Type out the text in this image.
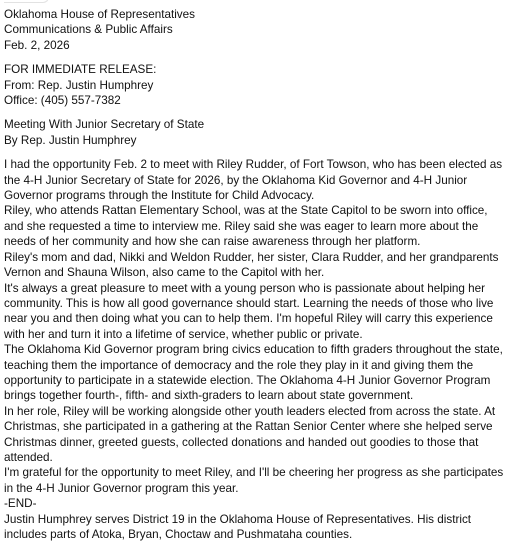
Oklahoma House of Representatives
Communications & Public Affairs
Feb. 2, 2026
FOR IMMEDIATE RELEASE:
From: Rep. Justin Humphrey
Office: (405) 557-7382
Meeting With Junior Secretary of State
By Rep. Justin Humphrey
I had the opportunity Feb. 2 to meet with Riley Rudder, of Fort Towson, who has been elected as the 4-H Junior Secretary of State for 2026, by the Oklahoma Kid Governor and 4-H Junior Governor programs through the Institute for Child Advocacy.
Riley, who attends Rattan Elementary School, was at the State Capitol to be sworn into office, and she requested a time to interview me. Riley said she was eager to learn more about the needs of her community and how she can raise awareness through her platform.
Riley's mom and dad, Nikki and Weldon Rudder, her sister, Clara Rudder, and her grandparents Vernon and Shauna Wilson, also came to the Capitol with her.
It's always a great pleasure to meet with a young person who is passionate about helping her community. This is how all good governance should start. Learning the needs of those who live near you and then doing what you can to help them. I'm hopeful Riley will carry this experience with her and turn it into a lifetime of service, whether public or private.
The Oklahoma Kid Governor program bring civics education to fifth graders throughout the state, teaching them the importance of democracy and the role they play in it and giving them the opportunity to participate in a statewide election. The Oklahoma 4-H Junior Governor Program brings together fourth-, fifth- and sixth-graders to learn about state government.
In her role, Riley will be working alongside other youth leaders elected from across the state. At Christmas, she participated in a gathering at the Rattan Senior Center where she helped serve Christmas dinner, greeted guests, collected donations and handed out goodies to those that attended.
I'm grateful for the opportunity to meet Riley, and I'll be cheering her progress as she participates in the 4-H Junior Governor program this year.
-END-
Justin Humphrey serves District 19 in the Oklahoma House of Representatives. His district includes parts of Atoka, Bryan, Choctaw and Pushmataha counties.
